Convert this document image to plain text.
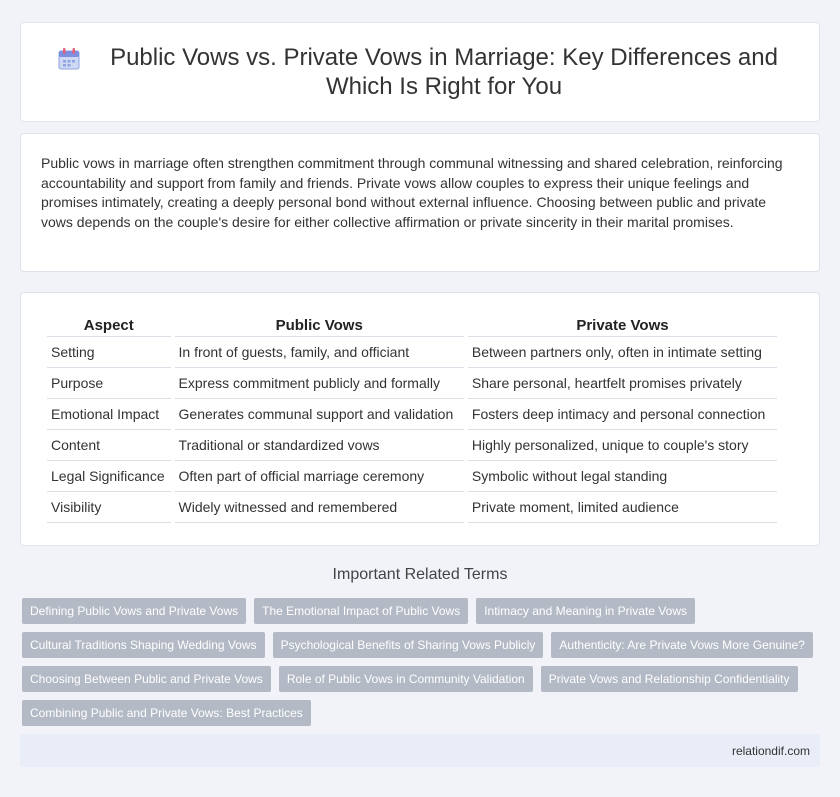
Public Vows vs. Private Vows in Marriage: Key Differences and Which Is Right for You

Public vows in marriage often strengthen commitment through communal witnessing and shared celebration, reinforcing accountability and support from family and friends. Private vows allow couples to express their unique feelings and promises intimately, creating a deeply personal bond without external influence. Choosing between public and private vows depends on the couple's desire for either collective affirmation or private sincerity in their marital promises.

Aspect	Public Vows	Private Vows
Setting	In front of guests, family, and officiant	Between partners only, often in intimate setting
Purpose	Express commitment publicly and formally	Share personal, heartfelt promises privately
Emotional Impact	Generates communal support and validation	Fosters deep intimacy and personal connection
Content	Traditional or standardized vows	Highly personalized, unique to couple's story
Legal Significance	Often part of official marriage ceremony	Symbolic without legal standing
Visibility	Widely witnessed and remembered	Private moment, limited audience
Important Related Terms
Defining Public Vows and Private Vows	The Emotional Impact of Public Vows	Intimacy and Meaning in Private Vows
Cultural Traditions Shaping Wedding Vows	Psychological Benefits of Sharing Vows Publicly	Authenticity: Are Private Vows More Genuine?
Choosing Between Public and Private Vows	Role of Public Vows in Community Validation	Private Vows and Relationship Confidentiality
Combining Public and Private Vows: Best Practices
relationdif.com
